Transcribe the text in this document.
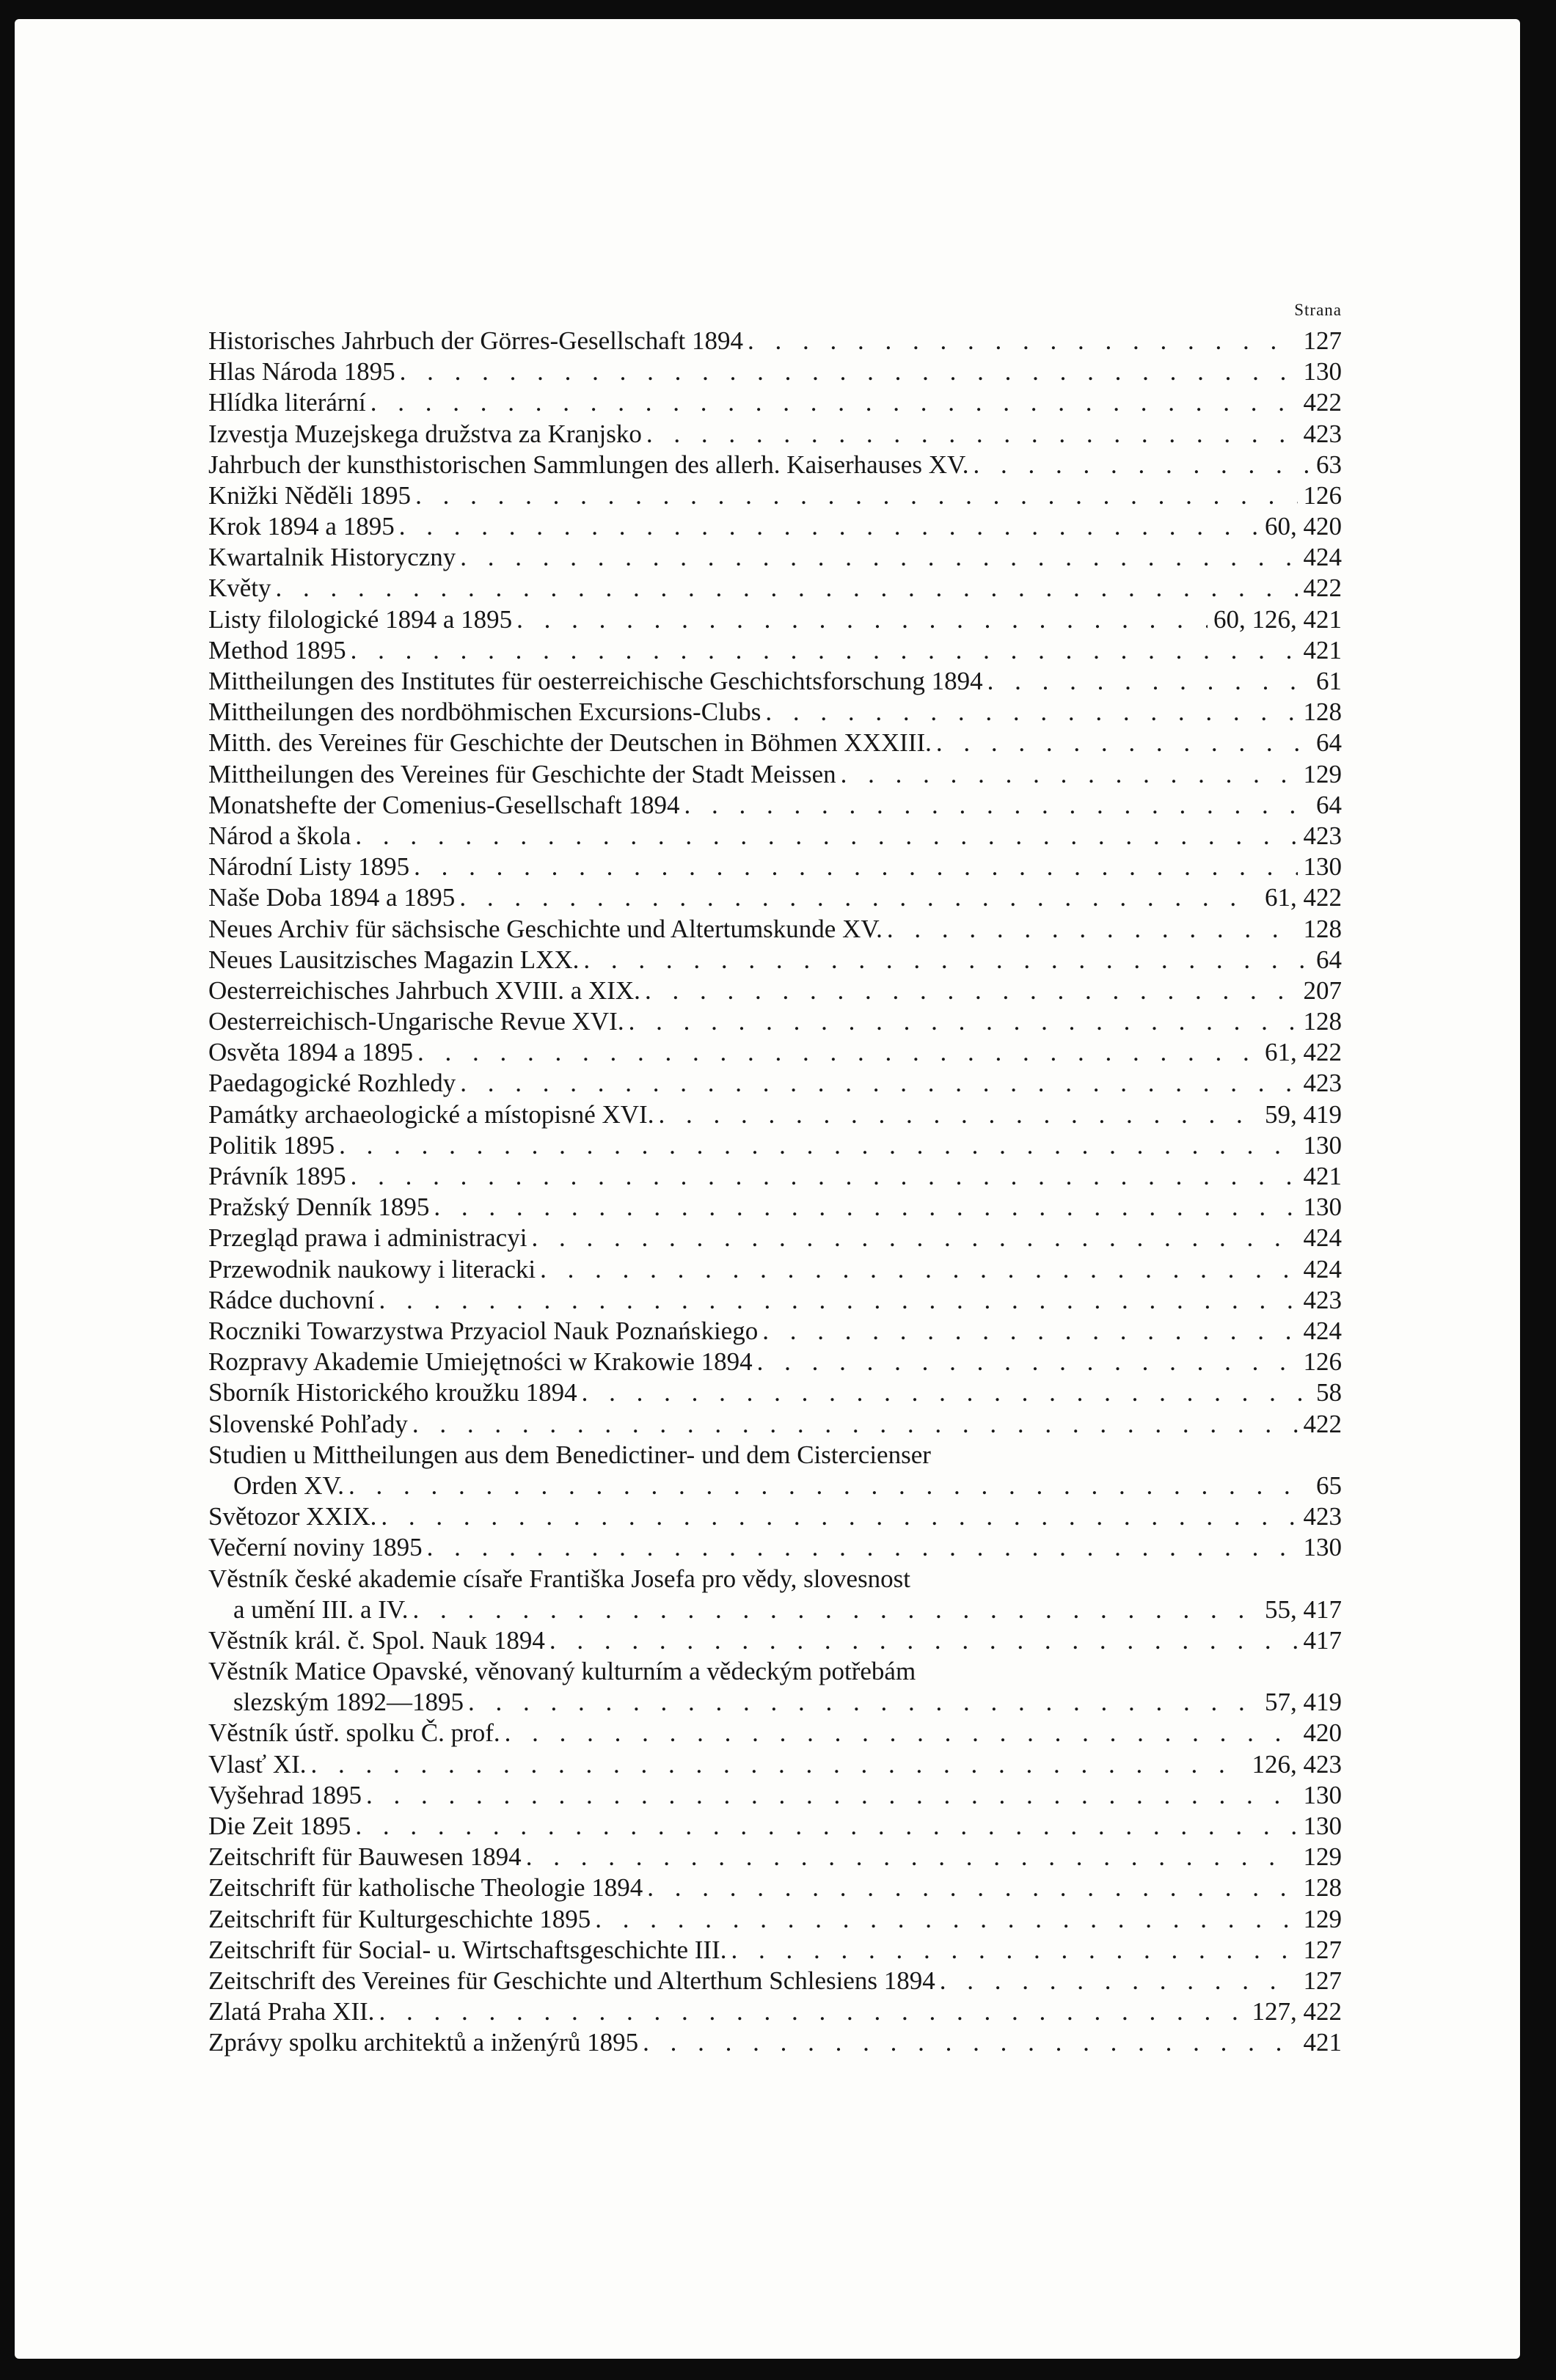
Strana
Historisches Jahrbuch der Görres-Gesellschaft 1894 . . .	127
Hlas Národa 1895 . . .	130
Hlídka literární . . .	422
Izvestja Muzejskega družstva za Kranjsko . . .	423
Jahrbuch der kunsthistorischen Sammlungen des allerh. Kaiserhauses XV. . . .	63
Knižki Něděli 1895 . . .	126
Krok 1894 a 1895 . . .	60, 420
Kwartalnik Historyczny . . .	424
Květy . . .	422
Listy filologické 1894 a 1895 . . .	60, 126, 421
Method 1895 . . .	421
Mittheilungen des Institutes für oesterreichische Geschichtsforschung 1894 . . .	61
Mittheilungen des nordböhmischen Excursions-Clubs . . .	128
Mitth. des Vereines für Geschichte der Deutschen in Böhmen XXXIII. . . .	64
Mittheilungen des Vereines für Geschichte der Stadt Meissen . . .	129
Monatshefte der Comenius-Gesellschaft 1894 . . .	64
Národ a škola . . .	423
Národní Listy 1895 . . .	130
Naše Doba 1894 a 1895 . . .	61, 422
Neues Archiv für sächsische Geschichte und Altertumskunde XV. . . .	128
Neues Lausitzisches Magazin LXX. . . .	64
Oesterreichisches Jahrbuch XVIII. a XIX. . . .	207
Oesterreichisch-Ungarische Revue XVI. . . .	128
Osvěta 1894 a 1895 . . .	61, 422
Paedagogické Rozhledy . . .	423
Památky archaeologické a místopisné XVI. . . .	59, 419
Politik 1895 . . .	130
Právník 1895 . . .	421
Pražský Denník 1895 . . .	130
Przegląd prawa i administracyi . . .	424
Przewodnik naukowy i literacki . . .	424
Rádce duchovní . . .	423
Roczniki Towarzystwa Przyaciol Nauk Poznańskiego . . .	424
Rozpravy Akademie Umiejętności w Krakowie 1894 . . .	126
Sborník Historického kroužku 1894 . . .	58
Slovenské Pohľady . . .	422
Studien u Mittheilungen aus dem Benedictiner- und dem Cistercienser
Orden XV. . . .	65
Světozor XXIX. . . .	423
Večerní noviny 1895 . . .	130
Věstník české akademie císaře Františka Josefa pro vědy, slovesnost
a umění III. a IV. . . .	55, 417
Věstník král. č. Spol. Nauk 1894 . . .	417
Věstník Matice Opavské, věnovaný kulturním a vědeckým potřebám
slezským 1892—1895 . . .	57, 419
Věstník ústř. spolku Č. prof. . . .	420
Vlasť XI. . . .	126, 423
Vyšehrad 1895 . . .	130
Die Zeit 1895 . . .	130
Zeitschrift für Bauwesen 1894 . . .	129
Zeitschrift für katholische Theologie 1894 . . .	128
Zeitschrift für Kulturgeschichte 1895 . . .	129
Zeitschrift für Social- u. Wirtschaftsgeschichte III. . . .	127
Zeitschrift des Vereines für Geschichte und Alterthum Schlesiens 1894 . . .	127
Zlatá Praha XII. . . .	127, 422
Zprávy spolku architektů a inženýrů 1895 . . .	421
